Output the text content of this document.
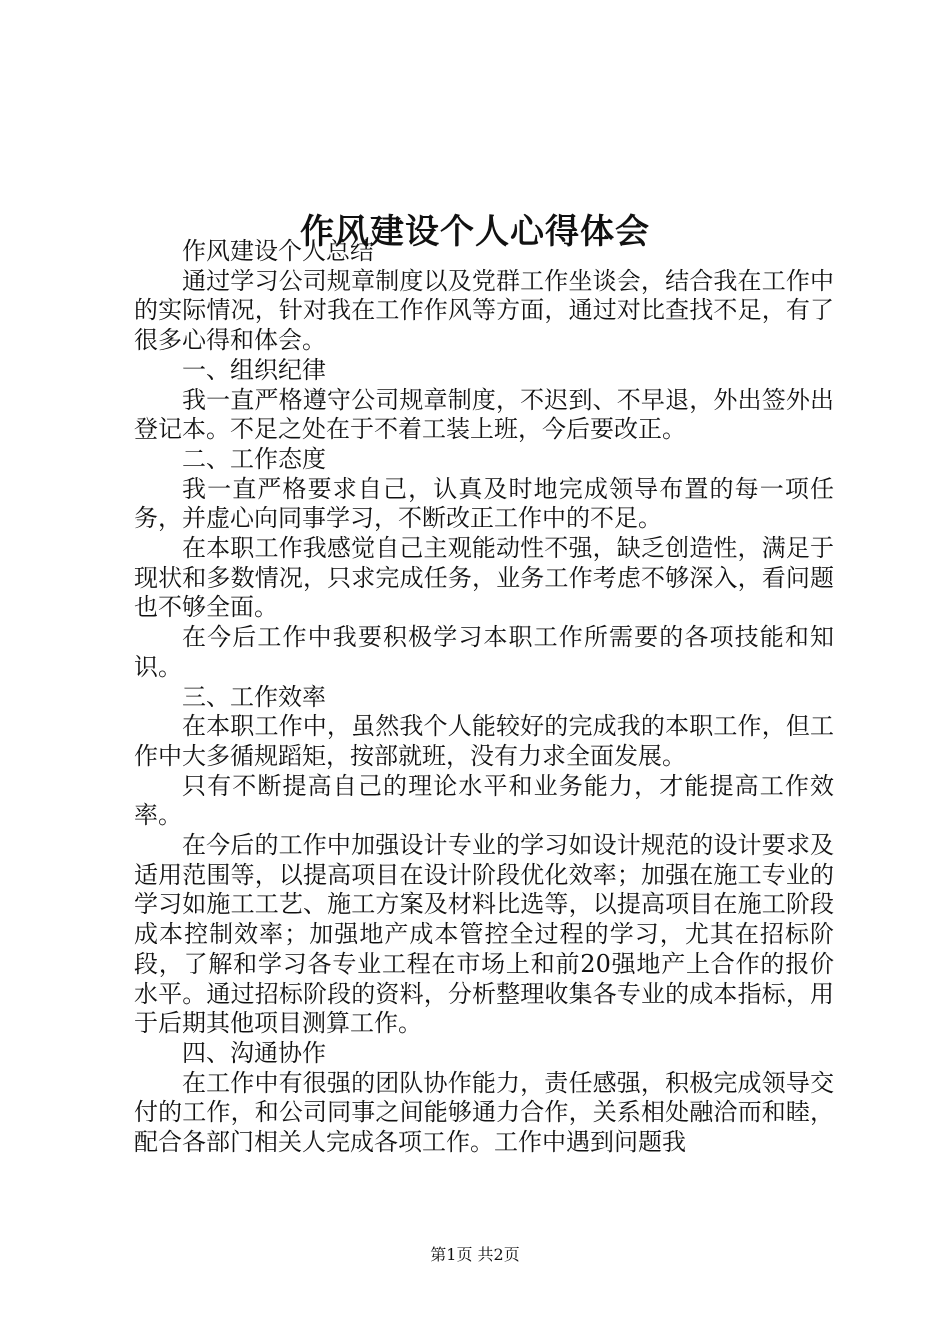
作风建设个人心得体会

作风建设个人总结

通过学习公司规章制度以及党群工作坐谈会，结合我在工作中的实际情况，针对我在工作作风等方面，通过对比查找不足，有了很多心得和体会。

一、组织纪律

我一直严格遵守公司规章制度，不迟到、不早退，外出签外出登记本。不足之处在于不着工装上班，今后要改正。

二、工作态度

我一直严格要求自己，认真及时地完成领导布置的每一项任务，并虚心向同事学习，不断改正工作中的不足。

在本职工作我感觉自己主观能动性不强，缺乏创造性，满足于现状和多数情况，只求完成任务，业务工作考虑不够深入，看问题也不够全面。

在今后工作中我要积极学习本职工作所需要的各项技能和知识。

三、工作效率

在本职工作中，虽然我个人能较好的完成我的本职工作，但工作中大多循规蹈矩，按部就班，没有力求全面发展。

只有不断提高自己的理论水平和业务能力，才能提高工作效率。

在今后的工作中加强设计专业的学习如设计规范的设计要求及适用范围等，以提高项目在设计阶段优化效率；加强在施工专业的学习如施工工艺、施工方案及材料比选等，以提高项目在施工阶段成本控制效率；加强地产成本管控全过程的学习，尤其在招标阶段，了解和学习各专业工程在市场上和前20强地产上合作的报价水平。通过招标阶段的资料，分析整理收集各专业的成本指标，用于后期其他项目测算工作。

四、沟通协作

在工作中有很强的团队协作能力，责任感强，积极完成领导交付的工作，和公司同事之间能够通力合作，关系相处融洽而和睦，配合各部门相关人完成各项工作。工作中遇到问题我

第1页 共2页
